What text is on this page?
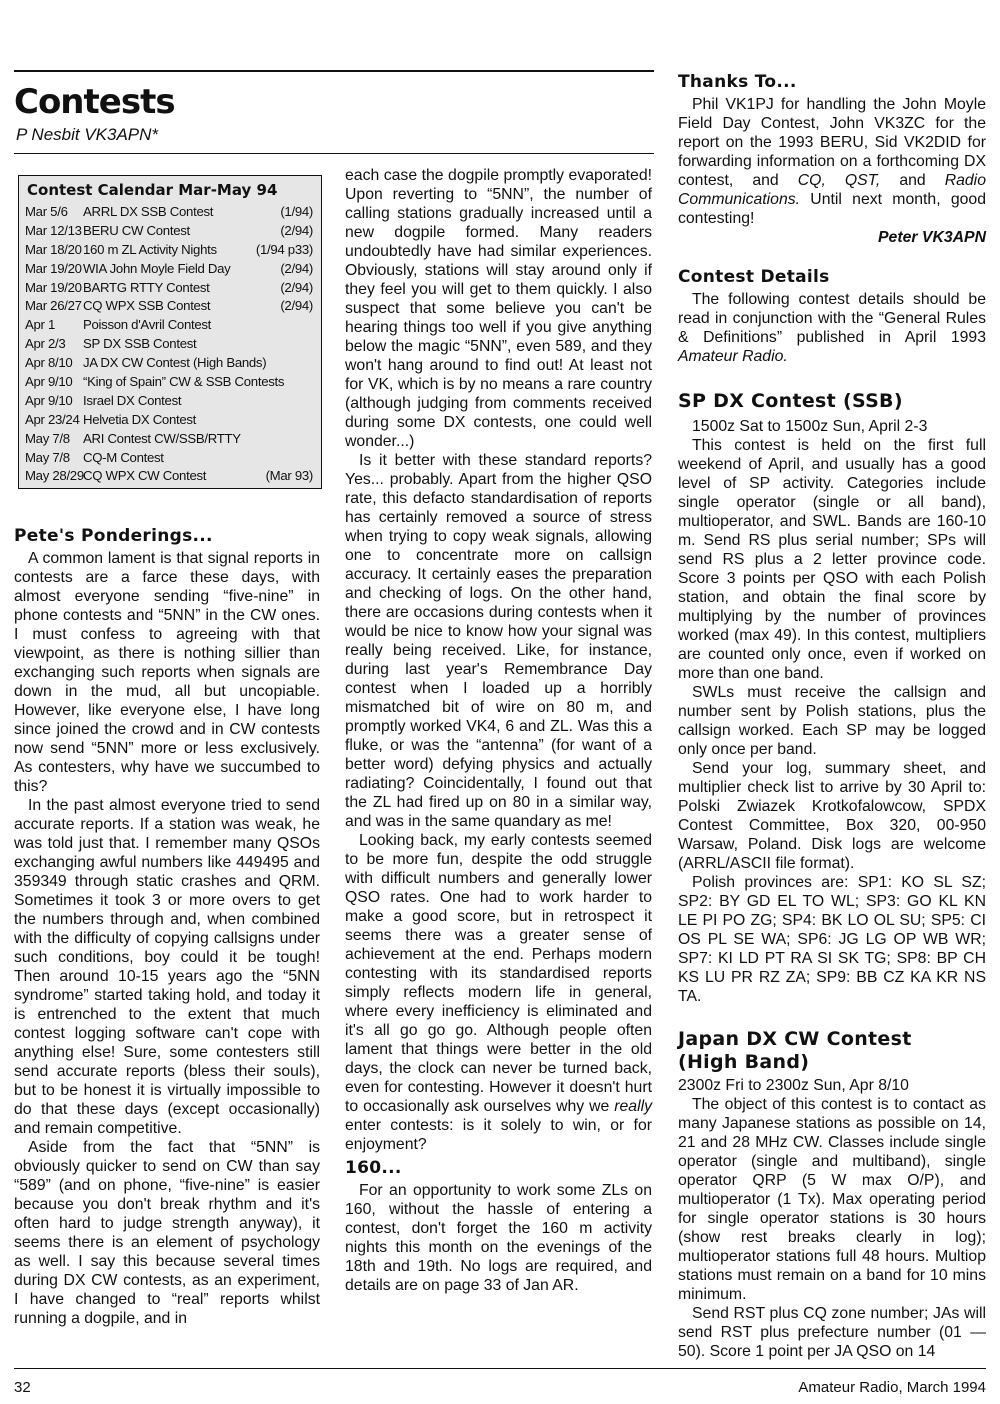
Contests
P Nesbit VK3APN*
Contest Calendar Mar-May 94
Mar 5/6	ARRL DX SSB Contest	(1/94)
Mar 12/13 BERU CW Contest	(2/94)
Mar 18/20 160 m ZL Activity Nights	(1/94 p33)
Mar 19/20 WIA John Moyle Field Day	(2/94)
Mar 19/20 BARTG RTTY Contest	(2/94)
Mar 26/27 CQ WPX SSB Contest	(2/94)
Apr 1	Poisson d'Avril Contest
Apr 2/3	SP DX SSB Contest
Apr 8/10 JA DX CW Contest (High Bands)
Apr 9/10 “King of Spain” CW & SSB Contests
Apr 9/10 Israel DX Contest
Apr 23/24 Helvetia DX Contest
May 7/8 ARI Contest CW/SSB/RTTY
May 7/8 CQ-M Contest
May 28/29 CQ WPX CW Contest	(Mar 93)
Pete's Ponderings...

A common lament is that signal reports in contests are a farce these days, with almost everyone sending “five-nine” in phone contests and “5NN” in the CW ones. I must confess to agreeing with that viewpoint, as there is nothing sillier than exchanging such reports when signals are down in the mud, all but uncopiable. However, like everyone else, I have long since joined the crowd and in CW contests now send “5NN” more or less exclusively. As contesters, why have we succumbed to this?

In the past almost everyone tried to send accurate reports. If a station was weak, he was told just that. I remember many QSOs exchanging awful numbers like 449495 and 359349 through static crashes and QRM. Sometimes it took 3 or more overs to get the numbers through and, when combined with the difficulty of copying callsigns under such conditions, boy could it be tough! Then around 10-15 years ago the “5NN syndrome” started taking hold, and today it is entrenched to the extent that much contest logging software can't cope with anything else! Sure, some contesters still send accurate reports (bless their souls), but to be honest it is virtually impossible to do that these days (except occasionally) and remain competitive.

Aside from the fact that “5NN” is obviously quicker to send on CW than say “589” (and on phone, “five-nine” is easier because you don't break rhythm and it's often hard to judge strength anyway), it seems there is an element of psychology as well. I say this because several times during DX CW contests, as an experiment, I have changed to “real” reports whilst running a dogpile, and in

each case the dogpile promptly evaporated! Upon reverting to “5NN”, the number of calling stations gradually increased until a new dogpile formed. Many readers undoubtedly have had similar experiences. Obviously, stations will stay around only if they feel you will get to them quickly. I also suspect that some believe you can't be hearing things too well if you give anything below the magic “5NN”, even 589, and they won't hang around to find out! At least not for VK, which is by no means a rare country (although judging from comments received during some DX contests, one could well wonder...)

Is it better with these standard reports? Yes... probably. Apart from the higher QSO rate, this defacto standardisation of reports has certainly removed a source of stress when trying to copy weak signals, allowing one to concentrate more on callsign accuracy. It certainly eases the preparation and checking of logs. On the other hand, there are occasions during contests when it would be nice to know how your signal was really being received. Like, for instance, during last year's Remembrance Day contest when I loaded up a horribly mismatched bit of wire on 80 m, and promptly worked VK4, 6 and ZL. Was this a fluke, or was the “antenna” (for want of a better word) defying physics and actually radiating? Coincidentally, I found out that the ZL had fired up on 80 in a similar way, and was in the same quandary as me!

Looking back, my early contests seemed to be more fun, despite the odd struggle with difficult numbers and generally lower QSO rates. One had to work harder to make a good score, but in retrospect it seems there was a greater sense of achievement at the end. Perhaps modern contesting with its standardised reports simply reflects modern life in general, where every inefficiency is eliminated and it's all go go go. Although people often lament that things were better in the old days, the clock can never be turned back, even for contesting. However it doesn't hurt to occasionally ask ourselves why we really enter contests: is it solely to win, or for enjoyment?

160...

For an opportunity to work some ZLs on 160, without the hassle of entering a contest, don't forget the 160 m activity nights this month on the evenings of the 18th and 19th. No logs are required, and details are on page 33 of Jan AR.

Thanks To...

Phil VK1PJ for handling the John Moyle Field Day Contest, John VK3ZC for the report on the 1993 BERU, Sid VK2DID for forwarding information on a forthcoming DX contest, and CQ, QST, and Radio Communications. Until next month, good contesting!

Peter VK3APN

Contest Details

The following contest details should be read in conjunction with the “General Rules & Definitions” published in April 1993 Amateur Radio.

SP DX Contest (SSB)

1500z Sat to 1500z Sun, April 2-3

This contest is held on the first full weekend of April, and usually has a good level of SP activity. Categories include single operator (single or all band), multioperator, and SWL. Bands are 160-10 m. Send RS plus serial number; SPs will send RS plus a 2 letter province code. Score 3 points per QSO with each Polish station, and obtain the final score by multiplying by the number of provinces worked (max 49). In this contest, multipliers are counted only once, even if worked on more than one band.

SWLs must receive the callsign and number sent by Polish stations, plus the callsign worked. Each SP may be logged only once per band.

Send your log, summary sheet, and multiplier check list to arrive by 30 April to: Polski Zwiazek Krotkofalowcow, SPDX Contest Committee, Box 320, 00-950 Warsaw, Poland. Disk logs are welcome (ARRL/ASCII file format).

Polish provinces are: SP1: KO SL SZ; SP2: BY GD EL TO WL; SP3: GO KL KN LE PI PO ZG; SP4: BK LO OL SU; SP5: CI OS PL SE WA; SP6: JG LG OP WB WR; SP7: KI LD PT RA SI SK TG; SP8: BP CH KS LU PR RZ ZA; SP9: BB CZ KA KR NS TA.

Japan DX CW Contest
(High Band)

2300z Fri to 2300z Sun, Apr 8/10

The object of this contest is to contact as many Japanese stations as possible on 14, 21 and 28 MHz CW. Classes include single operator (single and multiband), single operator QRP (5 W max O/P), and multioperator (1 Tx). Max operating period for single operator stations is 30 hours (show rest breaks clearly in log); multioperator stations full 48 hours. Multiop stations must remain on a band for 10 mins minimum.

Send RST plus CQ zone number; JAs will send RST plus prefecture number (01 — 50). Score 1 point per JA QSO on 14

32	Amateur Radio, March 1994
